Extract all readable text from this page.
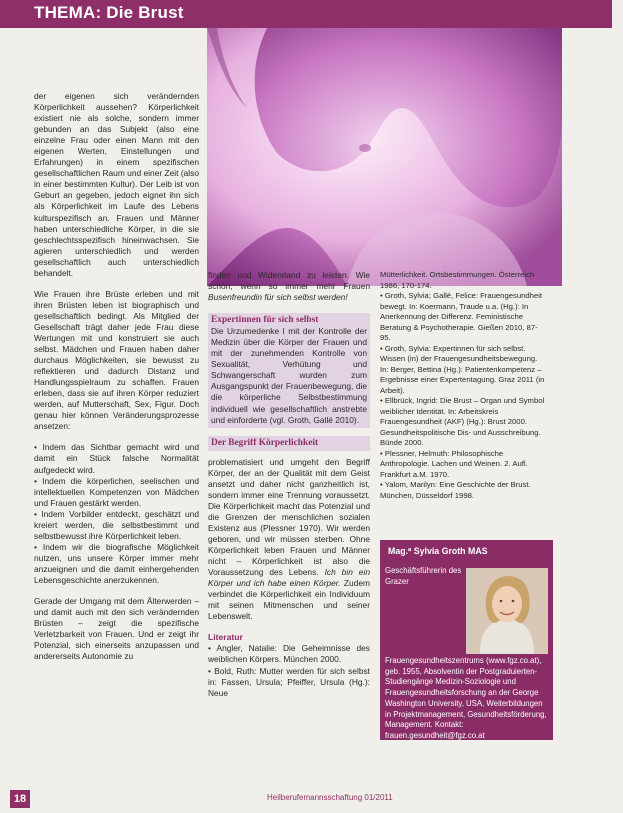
THEMA: Die Brust

der eigenen sich verändernden Körperlichkeit aussehen? Körperlichkeit existiert nie als solche, sondern immer gebunden an das Subjekt (also eine einzelne Frau oder einen Mann mit den eigenen Werten, Einstellungen und Erfahrungen) in einem spezifischen gesellschaftlichen Raum und einer Zeit (also in einer bestimmten Kultur). Der Leib ist von Geburt an gegeben, jedoch eignet ihn sich als Körperlichkeit im Laufe des Lebens kulturspezifisch an. Frauen und Männer haben unterschiedliche Körper, in die sie geschlechtsspezifisch hineinwachsen. Sie agieren unterschiedlich und werden gesellschaftlich auch unterschiedlich behandelt.

Wie Frauen ihre Brüste erleben und mit ihren Brüsten leben ist biographisch und gesellschaftlich bedingt. Als Mitglied der Gesellschaft trägt daher jede Frau diese Wertungen mit und konstruiert sie auch selbst. Mädchen und Frauen haben daher durchaus Möglichkeiten, sie bewusst zu reflektieren und dadurch Distanz und Handlungsspielraum zu schaffen. Frauen erleben, dass sie auf ihren Körper reduziert werden, auf Mutterschaft, Sex, Figur. Doch genau hier können Veränderungsprozesse ansetzen:

• Indem das Sichtbar gemacht wird und damit ein Stück falsche Normalität aufgedeckt wird.
• Indem die körperlichen, seelischen und intellektuellen Kompetenzen von Mädchen und Frauen gestärkt werden.
• Indem Vorbilder entdeckt, geschätzt und kreiert werden, die selbstbestimmt und selbstbewusst ihre Körperlichkeit leben.
• Indem wir die biografische Möglichkeit nutzen, uns unsere Körper immer mehr anzueignen und die damit einhergehenden Lebensgeschichte anerzukennen.

Gerade der Umgang mit dem Älterwerden – und damit auch mit den sich verändernden Brüsten – zeigt die spezifische Verletzbarkeit von Frauen. Und er zeigt ihr Potenzial, sich einerseits anzupassen und andererseits Autonomie zu

finden und Widerstand zu leisten. Wie schön, wenn so immer mehr Frauen Busenfreundin für sich selbst werden!

Expertinnen für sich selbst
Die Urzumedenke I mit der Kontrolle der Medizin über die Körper der Frauen und mit der zunehmenden Kontrolle von Sexualität, Verhütung und Schwangerschaft wurden zum Ausgangspunkt der Frauenbewegung, die die körperliche Selbstbestimmung individuell wie gesellschaftlich anstrebte und einforderte (vgl. Groth, Gallé 2010).
Der Begriff Körperlichkeit

problematisiert und umgeht den Begriff Körper, der an der Qualität mit dem Geist ansetzt und daher nicht ganzheitlich ist, sondern immer eine Trennung voraussetzt. Die Körperlichkeit macht das Potenzial und die Grenzen der menschlichen sozialen Existenz aus (Plessner 1970). Wir werden geboren, und wir müssen sterben. Ohne Körperlichkeit leben Frauen und Männer nicht – Körperlichkeit ist also die Voraussetzung des Lebens. Ich bin ein Körper und ich habe einen Körper. Zudem verbindet die Körperlichkeit ein Individuum mit seinen Mitmenschen und seiner Lebenswelt.

Literatur
• Angler, Natalie: Die Geheimnisse des weiblichen Körpers. München 2000.
• Bold, Ruth: Mutter werden für sich selbst in: Fassen, Ursula; Pfeiffer, Ursula (Hg.): Neue
Mütterlichkeit. Ortsbestimmungen. Österreich 1986, 170-174.
• Groth, Sylvia; Gallé, Felice: Frauengesundheit bewegt. In: Koermann, Traude u.a. (Hg.): In Anerkennung der Differenz. Feministische Beratung & Psychotherapie. Gießen 2010, 87-95.
• Groth, Sylvia: Expertinnen für sich selbst. Wissen (in) der Frauengesundheitsbewegung. In: Berger, Bettina (Hg.): Patientenkompetenz – Ergebnisse einer Expertentagung. Graz 2011 (in Arbeit).
• Ellbrück, Ingrid: Die Brust – Organ und Symbol weiblicher Identität. In: Arbeitskreis Frauengesundheit (AKF) (Hg.): Brust 2000. Gesundheitspolitische Dis- und Ausschreibung. Bünde 2000.
• Plessner, Helmuth: Philosophische Anthropologie. Lachen und Weinen. 2. Aufl. Frankfurt a.M. 1970.
• Yalom, Marilyn: Eine Geschichte der Brust. München, Düsseldorf 1998.
Mag.ª Sylvia Groth MAS
Geschäftsführerin des Grazer Frauengesundheitszentrums (www.fgz.co.at), geb. 1955, Absolventin der Postgraduierten-Studiengänge Medizin-Soziologie und Frauengesundheitsforschung an der George Washington University, USA, Weiterbildungen in Projektmanagement, Gesundheitsförderung, Management. Kontakt: frauen.gesundheit@fgz.co.at
18	Heilberufemannsschaftung 01/2011
